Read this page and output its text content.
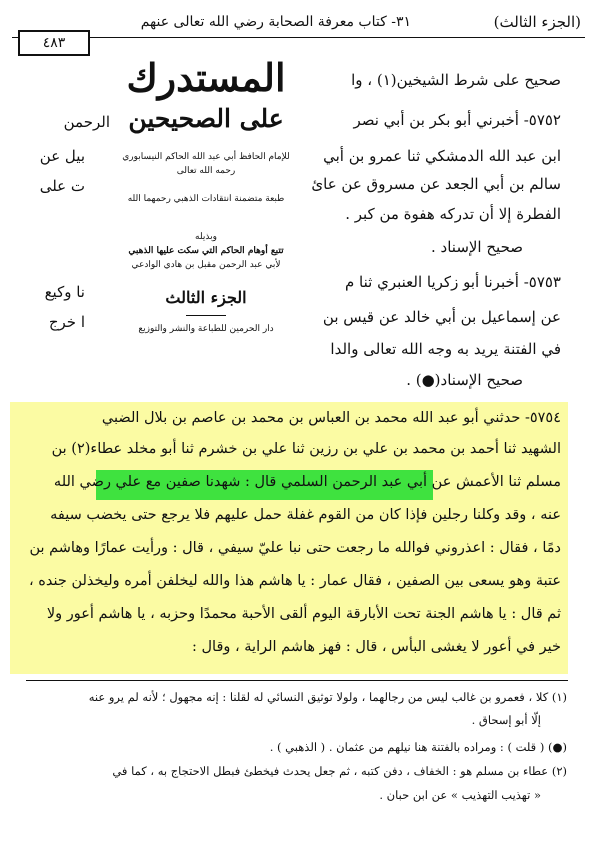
(الجزء الثالث)
٣١- كتاب معرفة الصحابة رضي الله تعالى عنهم
٤٨٣
صحيح على شرط الشيخين(١) ، وا
٥٧٥٢- أخبرني أبو بكر بن أبي نصر
ابن عبد الله الدمشكي ثنا عمرو بن أبي
سالم بن أبي الجعد عن مسروق عن عائ
الفطرة إلا أن تدركه هفوة من كبر .
صحيح الإسناد .
٥٧٥٣- أخبرنا أبو زكريا العنبري ثنا م
عن إسماعيل بن أبي خالد عن قيس بن
في الفتنة يريد به وجه الله تعالى والدا
صحيح الإسناد(●) .
الرحمن
بيل عن
ت على
نا وكيع
ا خرج
المستدرك
على الصحيحين
للإمام الحافظ أبي عبد الله الحاكم النيسابوري
رحمه الله تعالى
طبعة متضمنة انتقادات الذهبي رحمهما الله
وبذيله
تتبع أوهام الحاكم التي سكت عليها الذهبي
لأبي عبد الرحمن مقبل بن هادي الوادعي
الجزء الثالث
دار الحرمين للطباعة والنشر والتوزيع
٥٧٥٤- حدثني أبو عبد الله محمد بن العباس بن محمد بن عاصم بن بلال الضبي
الشهيد ثنا أحمد بن محمد بن علي بن رزين ثنا علي بن خشرم ثنا أبو مخلد عطاء(٢) بن
مسلم ثنا الأعمش عن أبي عبد الرحمن السلمي قال : شهدنا صفين مع علي رضي الله
عنه ، وقد وكلنا رجلين فإذا كان من القوم غفلة حمل عليهم فلا يرجع حتى يخضب سيفه
دمًا ، فقال : اعذروني فوالله ما رجعت حتى نبا عليّ سيفي ، قال : ورأيت عمارًا وهاشم بن
عتبة وهو يسعى بين الصفين ، فقال عمار : يا هاشم هذا والله ليخلفن أمره وليخذلن جنده ،
ثم قال : يا هاشم الجنة تحت الأبارقة اليوم ألقى الأحبة محمدًا وحزبه ، يا هاشم أعور ولا
خير في أعور لا يغشى البأس ، قال : فهز هاشم الراية ، وقال :
(١) كلا ، فعمرو بن غالب ليس من رجالهما ، ولولا توثيق النسائي له لقلنا : إنه مجهول ؛ لأنه لم يرو عنه
إلّا أبو إسحاق .
(●) ( قلت ) : ومراده بالفتنة هنا نيلهم من عثمان . ( الذهبي ) .
(٢) عطاء بن مسلم هو : الخفاف ، دفن كتبه ، ثم جعل يحدث فيخطئ فبطل الاحتجاج به ، كما في
« تهذيب التهذيب » عن ابن حبان .
